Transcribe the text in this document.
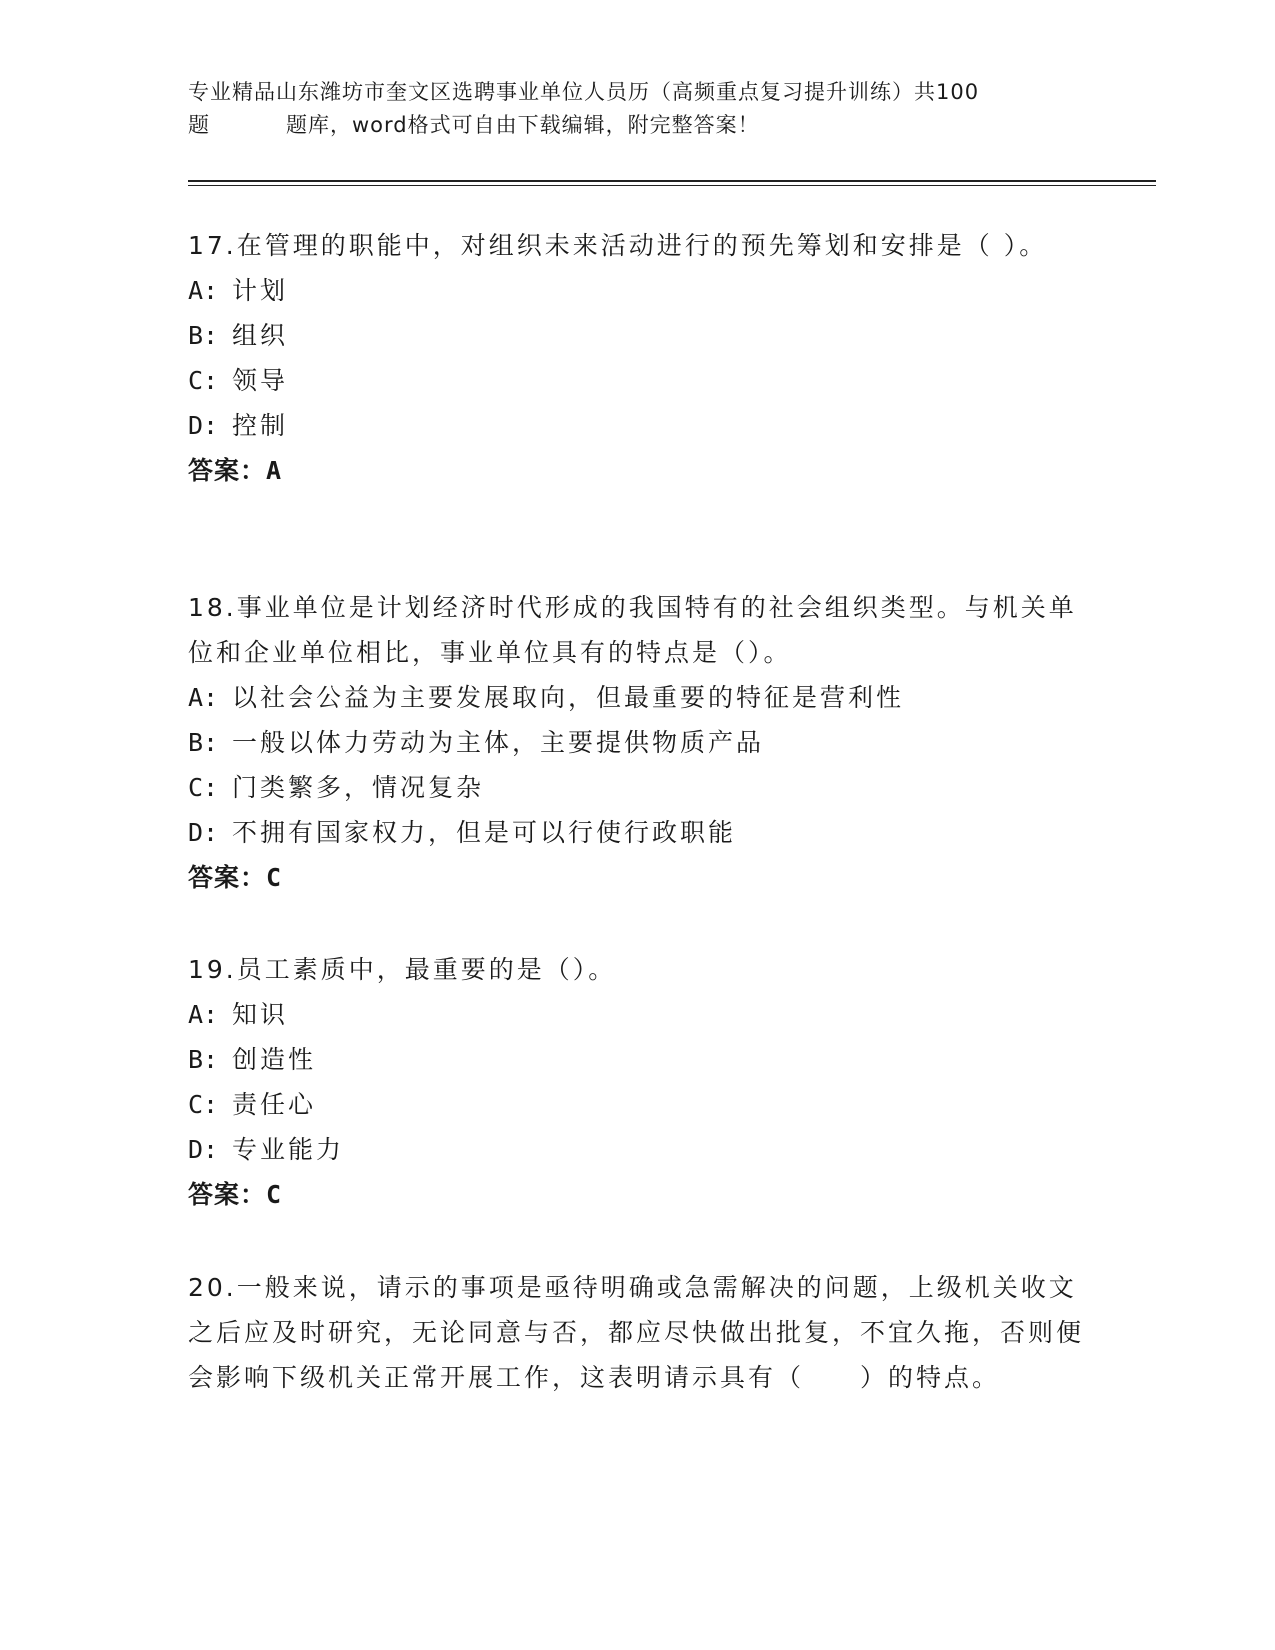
专业精品山东潍坊市奎文区选聘事业单位人员历（高频重点复习提升训练）共100
题	题库，word格式可自由下载编辑，附完整答案！
17.在管理的职能中，对组织未来活动进行的预先筹划和安排是（ ）。
A: 计划
B: 组织
C: 领导
D: 控制
答案：A
18.事业单位是计划经济时代形成的我国特有的社会组织类型。与机关单位和企业单位相比，事业单位具有的特点是（）。
A: 以社会公益为主要发展取向，但最重要的特征是营利性
B: 一般以体力劳动为主体，主要提供物质产品
C: 门类繁多，情况复杂
D: 不拥有国家权力，但是可以行使行政职能
答案：C
19.员工素质中，最重要的是（）。
A: 知识
B: 创造性
C: 责任心
D: 专业能力
答案：C
20.一般来说，请示的事项是亟待明确或急需解决的问题，上级机关收文之后应及时研究，无论同意与否，都应尽快做出批复，不宜久拖，否则便会影响下级机关正常开展工作，这表明请示具有（　　）的特点。
